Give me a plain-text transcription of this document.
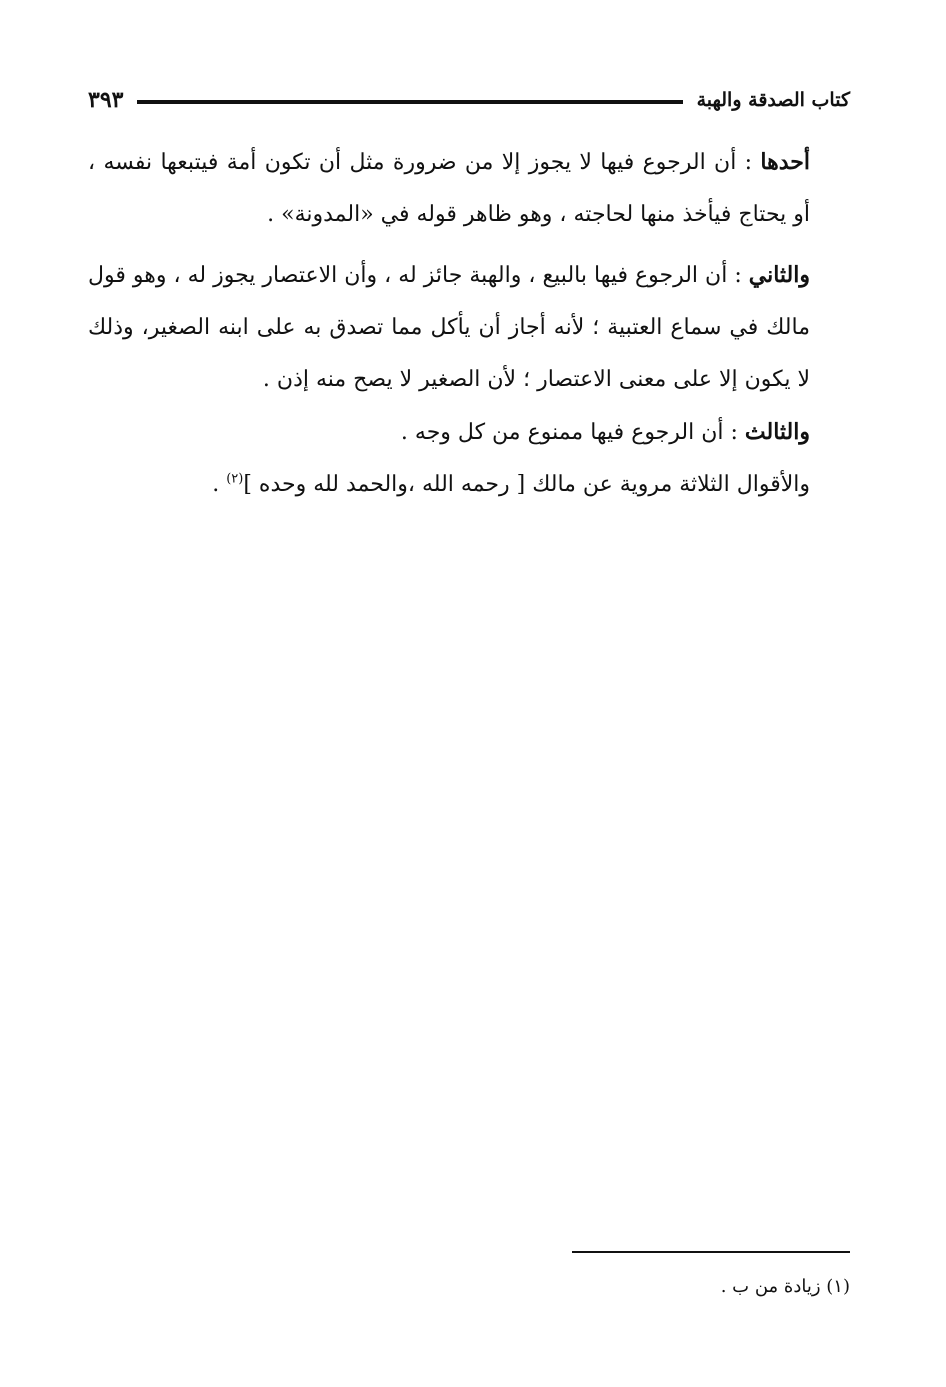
كتاب الصدقة والهبة
٣٩٣

أحدها : أن الرجوع فيها لا يجوز إلا من ضرورة مثل أن تكون أمة فيتبعها نفسه ، أو يحتاج فيأخذ منها لحاجته ، وهو ظاهر قوله في «المدونة» .

والثاني : أن الرجوع فيها بالبيع ، والهبة جائز له ، وأن الاعتصار يجوز له ، وهو قول مالك في سماع العتبية ؛ لأنه أجاز أن يأكل مما تصدق به على ابنه الصغير، وذلك لا يكون إلا على معنى الاعتصار ؛ لأن الصغير لا يصح منه إذن .

والثالث : أن الرجوع فيها ممنوع من كل وجه .

والأقوال الثلاثة مروية عن مالك [ رحمه الله ،والحمد لله وحده ]$^{(٢)}$ .

(١) زيادة من ب .
